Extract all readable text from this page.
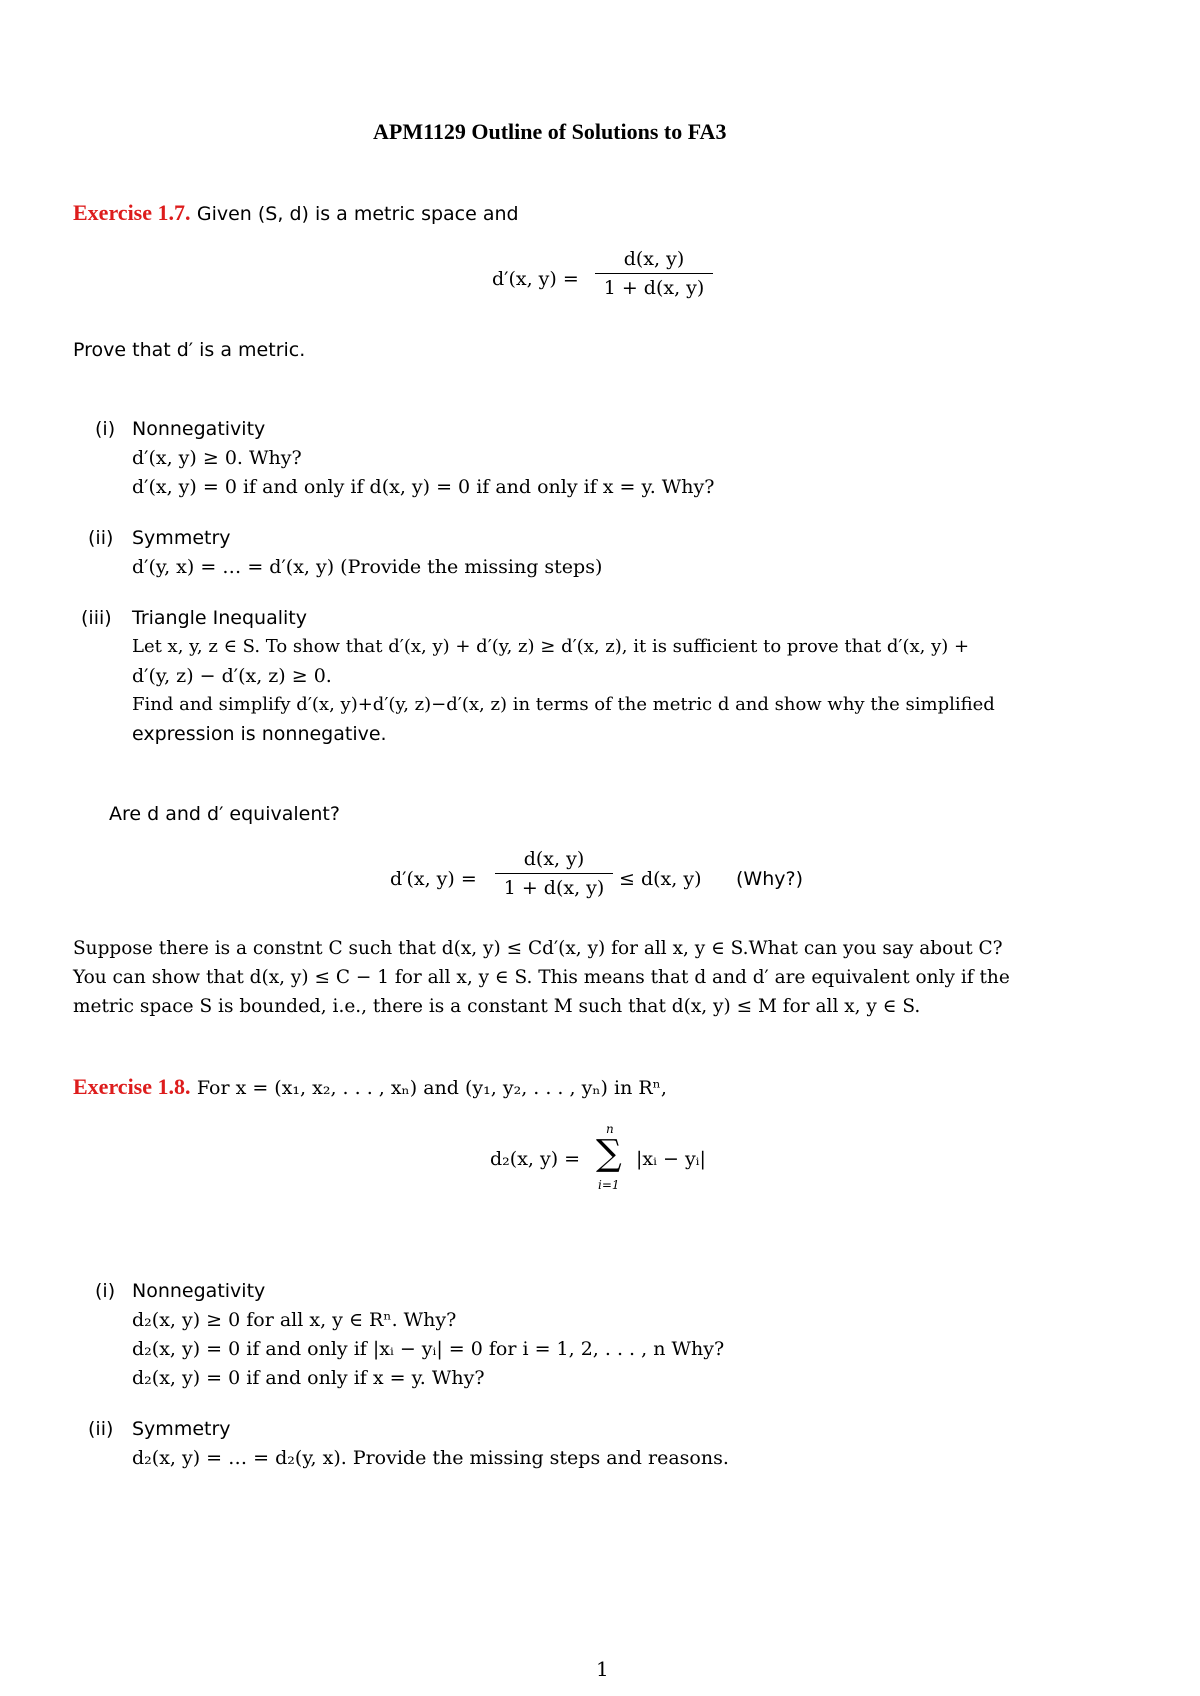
APM1129 Outline of Solutions to FA3
Exercise 1.7. Given (S, d) is a metric space and
d′(x, $y) = \frac{d(x, y)}{1 + d(x, y)}$
Prove that d′ is a metric.
(i) Nonnegativity
d′(x, y) ≥ 0. Why?
d′(x, y) = 0 if and only if d(x, y) = 0 if and only if x = y. Why?
(ii) Symmetry
d′(y, x) = … = d′(x, y) (Provide the missing steps)
(iii) Triangle Inequality
Let x, y, z ∈ S. To show that d′(x, y) + d′(y, z) ≥ d′(x, z), it is sufficient to prove that d′(x, y) +
d′(y, z) − d′(x, z) ≥ 0.
Find and simplify d′(x, y)+d′(y, z)−d′(x, z) in terms of the metric d and show why the simplified
expression is nonnegative.
Are d and d′ equivalent?
d′(x, $y) = \frac{d(x, y)}{1 + d(x, y)} \le d(x$, y) (Why?)
Suppose there is a constnt C such that d(x, y) ≤ Cd′(x, y) for all x, y ∈ S.What can you say about C?
You can show that d(x, y) ≤ C − 1 for all x, y ∈ S. This means that d and d′ are equivalent only if the
metric space S is bounded, i.e., there is a constant M such that d(x, y) ≤ M for all x, y ∈ S.
Exercise 1.8. For x = (x₁, x₂, . . . , xₙ) and (y₁, y₂, . . . , yₙ) in Rⁿ,
d₂(x, y) =
n
∑
i=1
|xᵢ − yᵢ|
(i) Nonnegativity
d₂(x, y) ≥ 0 for all x, y ∈ Rⁿ. Why?
d₂(x, y) = 0 if and only if |xᵢ − yᵢ| = 0 for i = 1, 2, . . . , n Why?
d₂(x, y) = 0 if and only if x = y. Why?
(ii) Symmetry
d₂(x, y) = … = d₂(y, x). Provide the missing steps and reasons.
1
